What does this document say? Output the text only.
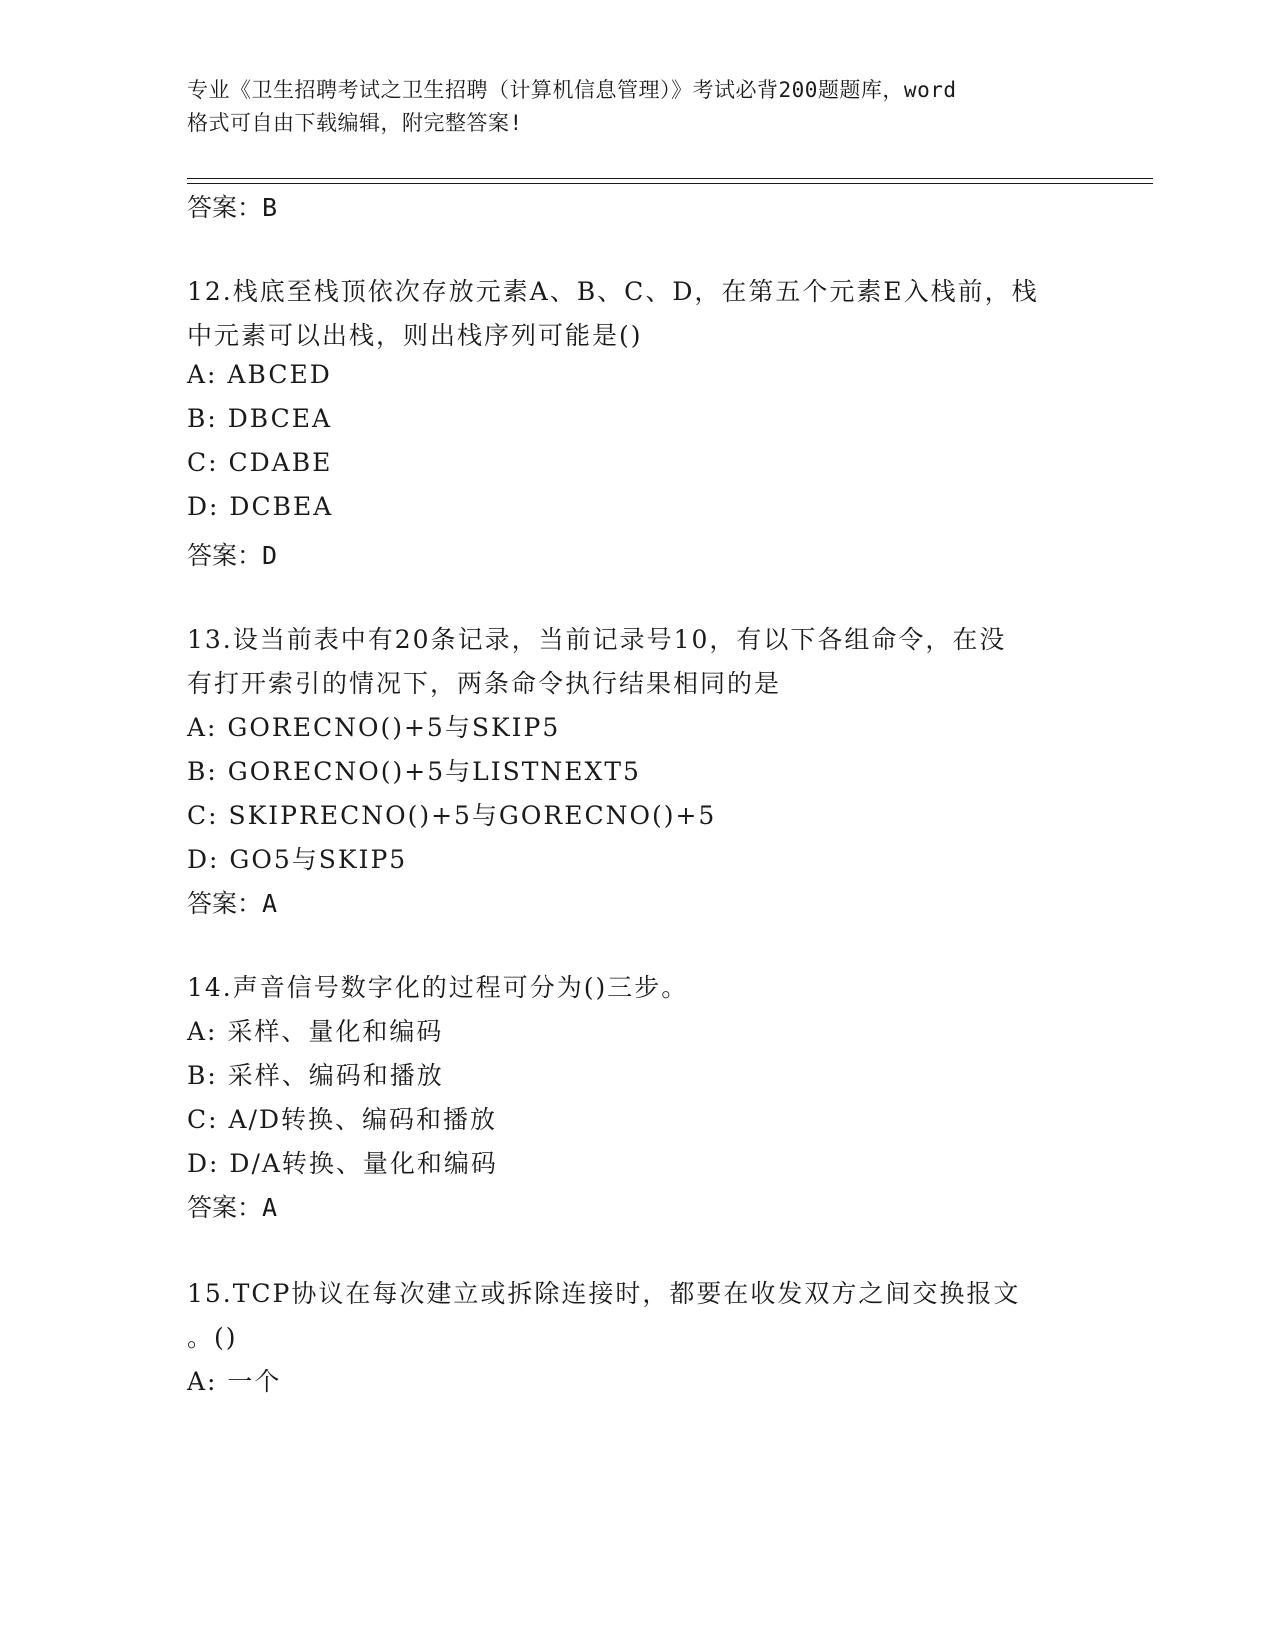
专业《卫生招聘考试之卫生招聘（计算机信息管理）》考试必背200题题库，word
格式可自由下载编辑，附完整答案!
答案：B
12.栈底至栈顶依次存放元素A、B、C、D，在第五个元素E入栈前，栈
中元素可以出栈，则出栈序列可能是()
A: ABCED
B: DBCEA
C: CDABE
D: DCBEA
答案：D
13.设当前表中有20条记录，当前记录号10，有以下各组命令，在没
有打开索引的情况下，两条命令执行结果相同的是
A: GORECNO()+5与SKIP5
B: GORECNO()+5与LISTNEXT5
C: SKIPRECNO()+5与GORECNO()+5
D: GO5与SKIP5
答案：A
14.声音信号数字化的过程可分为()三步。
A: 采样、量化和编码
B: 采样、编码和播放
C: A/D转换、编码和播放
D: D/A转换、量化和编码
答案：A
15.TCP协议在每次建立或拆除连接时，都要在收发双方之间交换报文
。()
A: 一个
